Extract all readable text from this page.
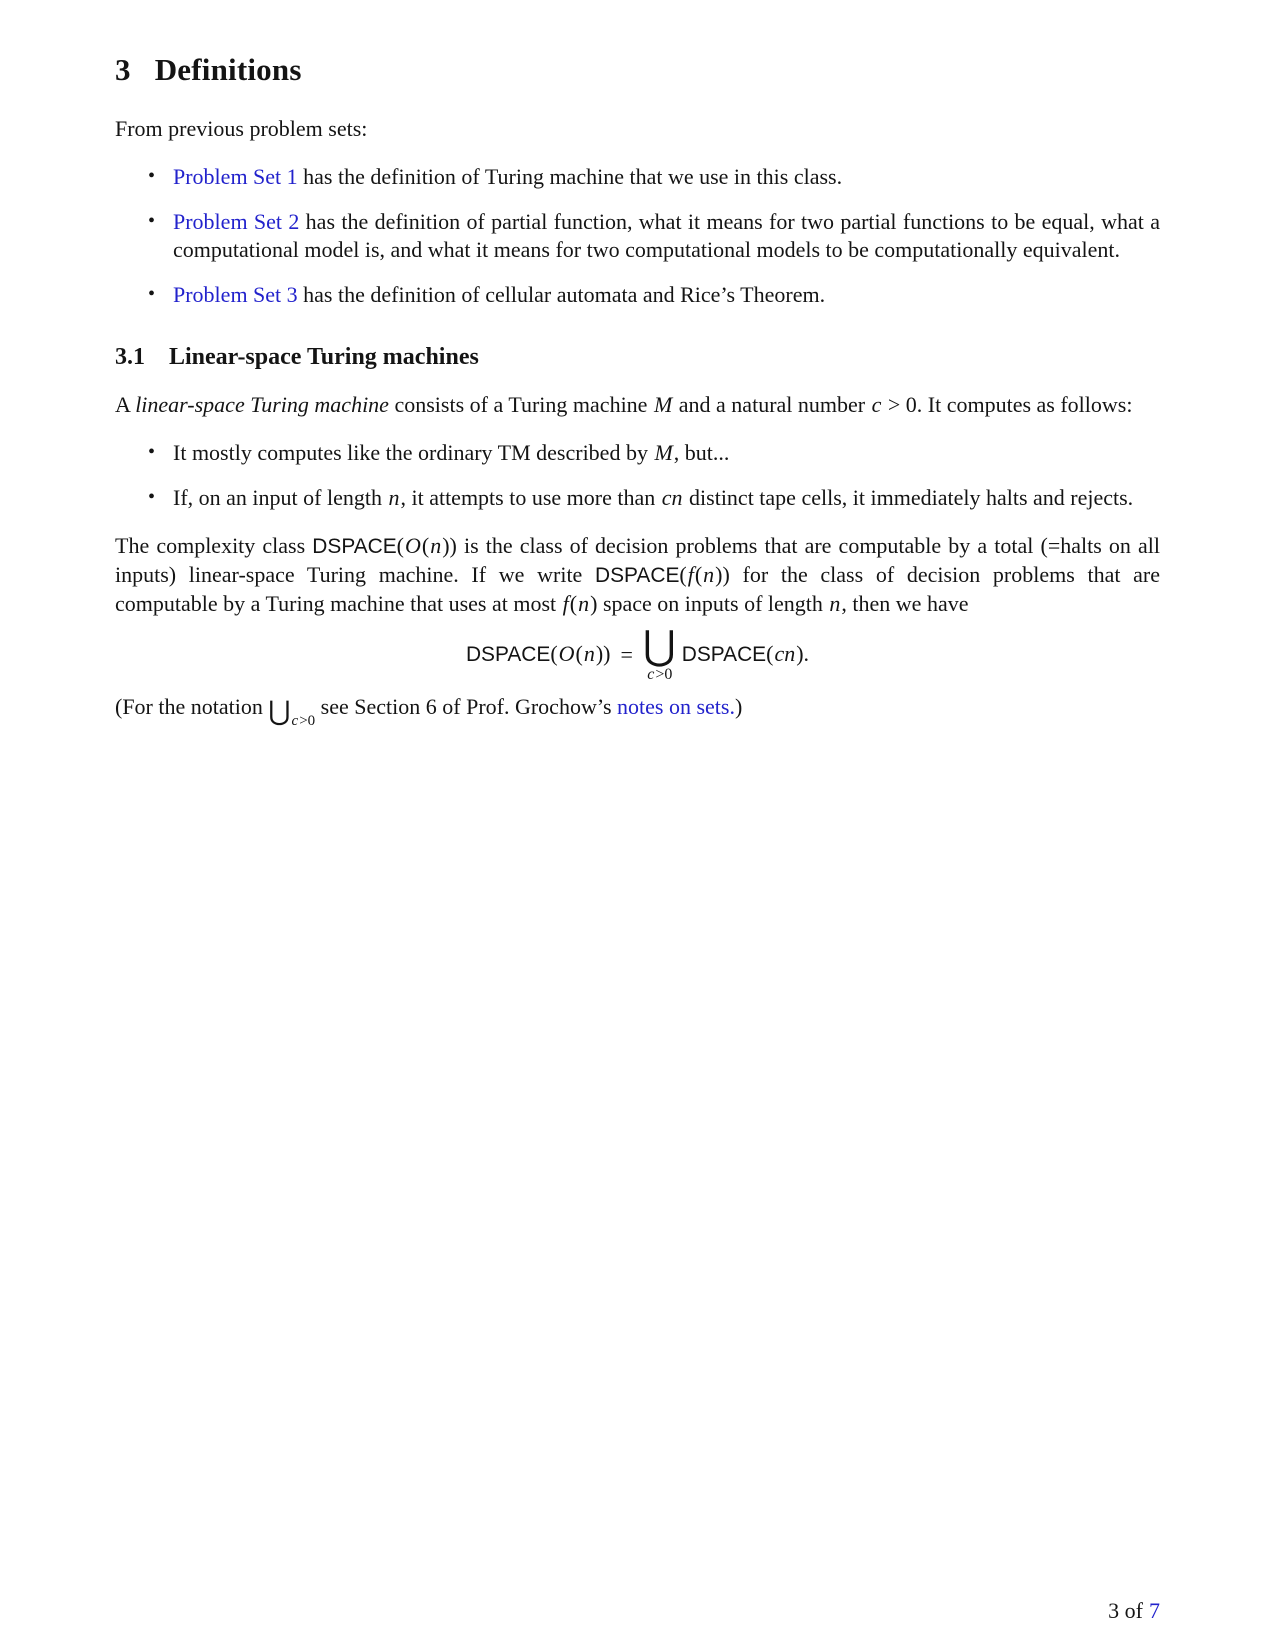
3 Definitions

From previous problem sets:

• Problem Set 1 has the definition of Turing machine that we use in this class.
• Problem Set 2 has the definition of partial function, what it means for two partial functions to be equal, what a computational model is, and what it means for two computational models to be computationally equivalent.
• Problem Set 3 has the definition of cellular automata and Rice’s Theorem.
3.1 Linear-space Turing machines

A linear-space Turing machine consists of a Turing machine M and a natural number c > 0. It computes as follows:

• It mostly computes like the ordinary TM described by M, but...
• If, on an input of length n, it attempts to use more than cn distinct tape cells, it immediately halts and rejects.

The complexity class DSPACE(O(n)) is the class of decision problems that are computable by a total (=halts on all inputs) linear-space Turing machine. If we write DSPACE(f(n)) for the class of decision problems that are computable by a Turing machine that uses at most f(n) space on inputs of length n, then we have

DSPACE(O(n)) = ⋃
c>0
DSPACE(cn).

(For the notation $⋃_{c>0}$ see Section 6 of Prof. Grochow’s notes on sets.)

3 of 7
